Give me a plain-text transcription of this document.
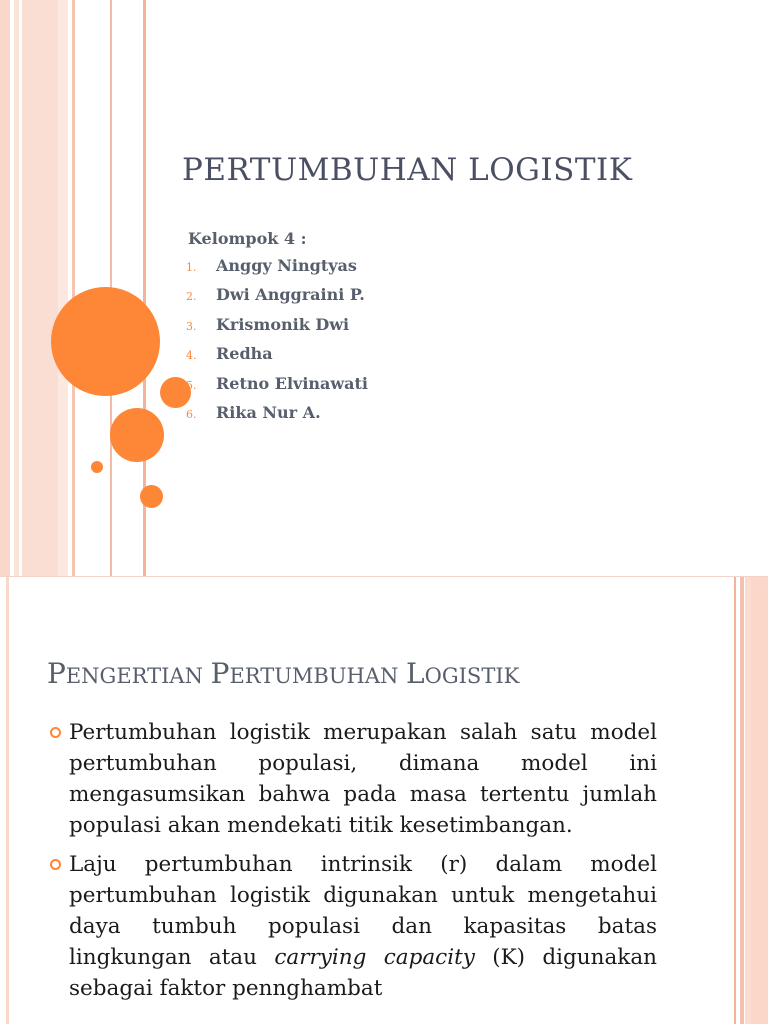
PERTUMBUHAN LOGISTIK
Kelompok 4 :
1.	Anggy Ningtyas
2.	Dwi Anggraini P.
3.	Krismonik Dwi
4.	Redha
5.	Retno Elvinawati
6.	Rika Nur A.
PENGERTIAN PERTUMBUHAN LOGISTIK
Pertumbuhan logistik merupakan salah satu model pertumbuhan populasi, dimana model ini mengasumsikan bahwa pada masa tertentu jumlah populasi akan mendekati titik kesetimbangan.
Laju pertumbuhan intrinsik (r) dalam model pertumbuhan logistik digunakan untuk mengetahui daya tumbuh populasi dan kapasitas batas lingkungan atau carrying capacity (K) digunakan sebagai faktor pennghambat
